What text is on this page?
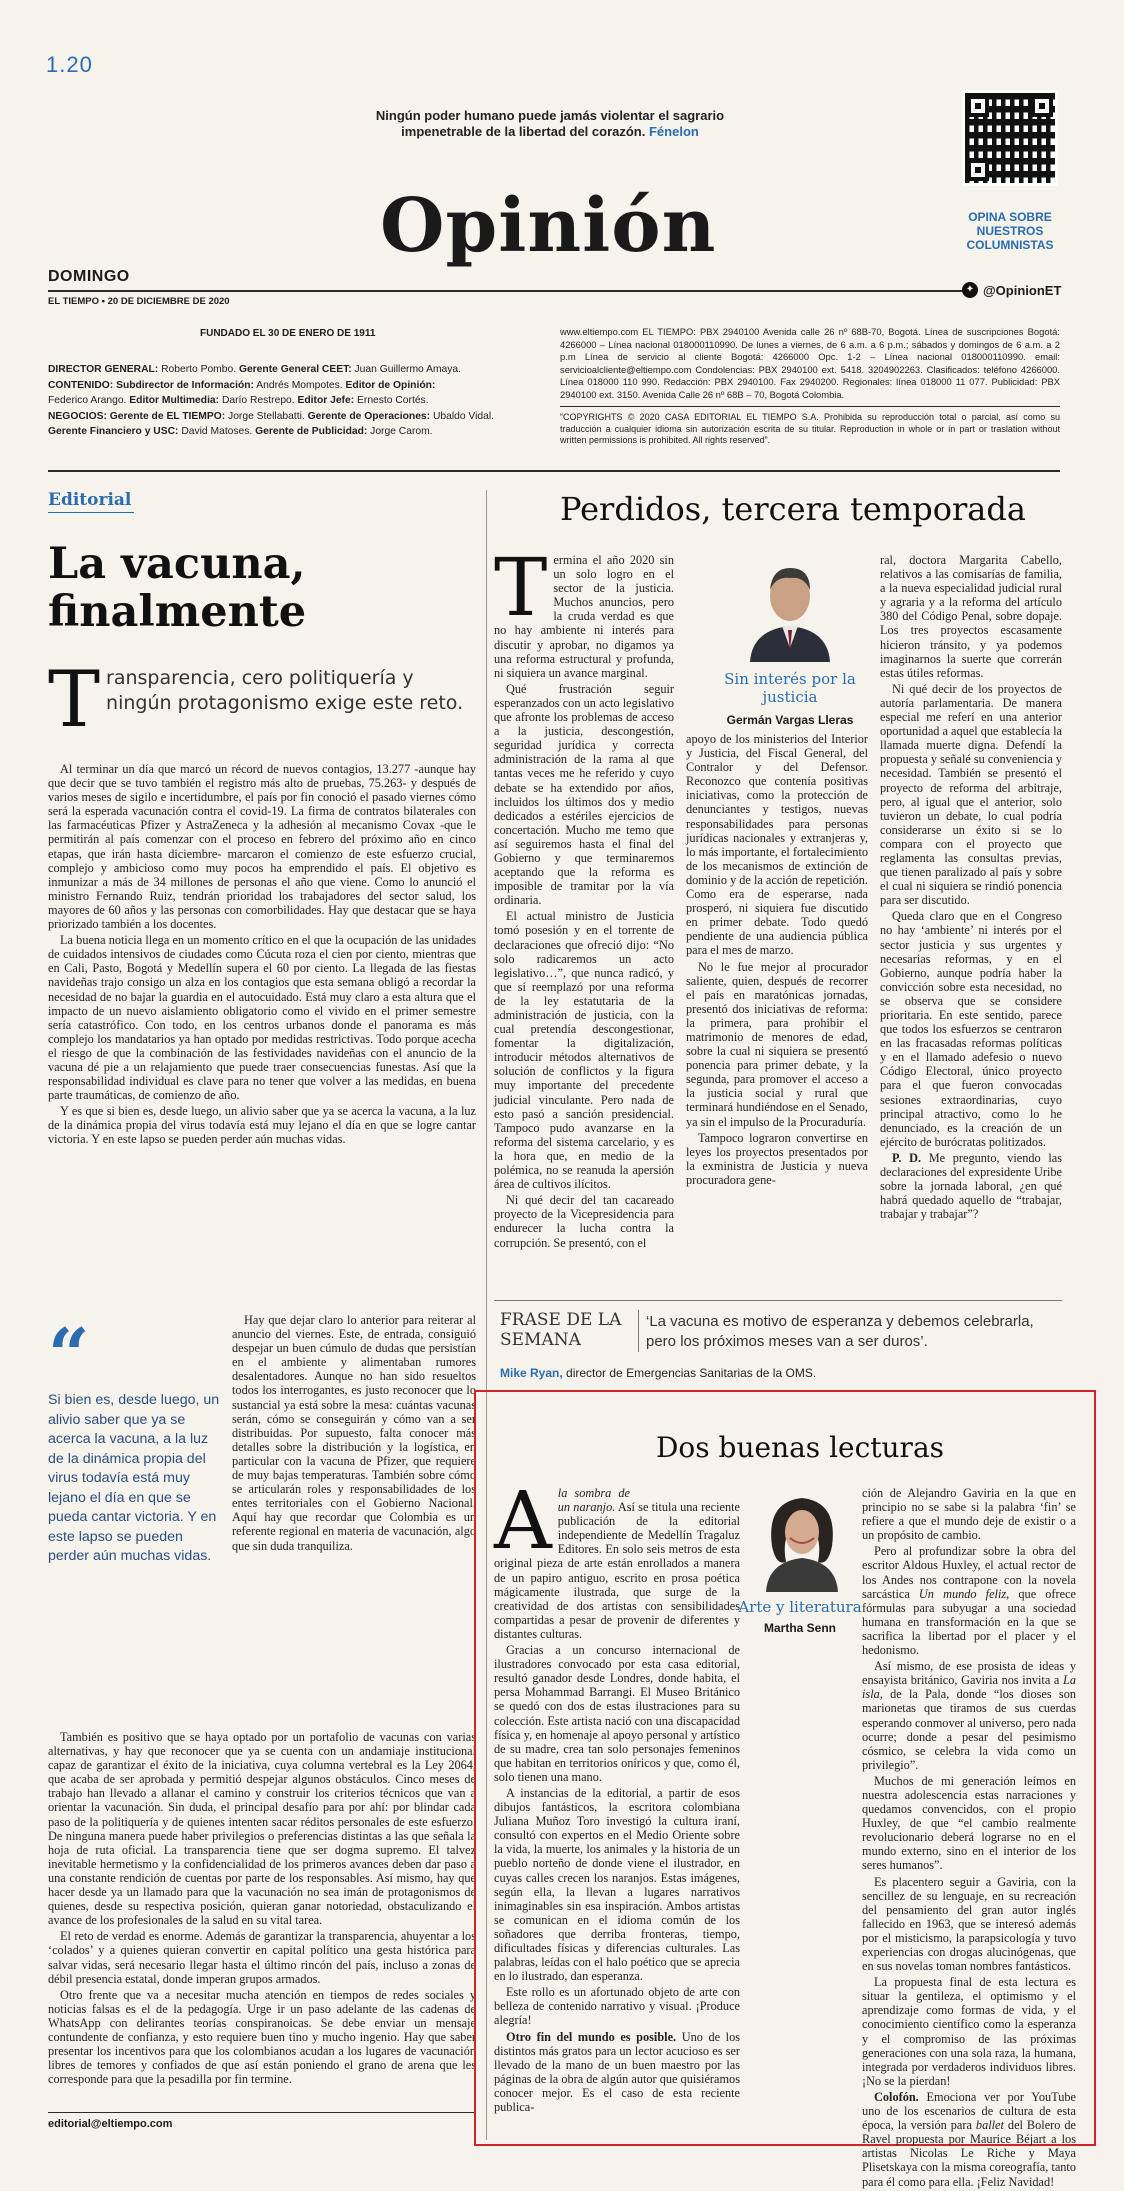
1.20
Ningún poder humano puede jamás violentar el sagrario
impenetrable de la libertad del corazón. Fénelon
Opinión	OPINA SOBRE
NUESTROS
COLUMNISTAS
DOMINGO
EL TIEMPO • 20 DE DICIEMBRE DE 2020
✦ @OpinionET
FUNDADO EL 30 DE ENERO DE 1911
DIRECTOR GENERAL: Roberto Pombo. Gerente General CEET: Juan Guillermo Amaya.
CONTENIDO: Subdirector de Información: Andrés Mompotes. Editor de Opinión:
Federico Arango. Editor Multimedia: Darío Restrepo. Editor Jefe: Ernesto Cortés.
NEGOCIOS: Gerente de EL TIEMPO: Jorge Stellabatti. Gerente de Operaciones: Ubaldo Vidal.
Gerente Financiero y USC: David Matoses. Gerente de Publicidad: Jorge Carom.
www.eltiempo.com EL TIEMPO: PBX 2940100 Avenida calle 26 nº 68B-70, Bogotá. Línea de suscripciones Bogotá: 4266000 – Línea nacional 018000110990. De lunes a viernes, de 6 a.m. a 6 p.m.; sábados y domingos de 6 a.m. a 2 p.m Línea de servicio al cliente Bogotá: 4266000 Opc. 1-2 – Línea nacional 018000110990. email: servicioalcliente@eltiempo.com Condolencias: PBX 2940100 ext. 5418. 3204902263. Clasificados: teléfono 4266000. Línea 018000 110 990. Redacción: PBX 2940100. Fax 2940200. Regionales: línea 018000 11 077. Publicidad: PBX 2940100 ext. 3150. Avenida Calle 26 nº 68B – 70, Bogotá Colombia.
“COPYRIGHTS © 2020 CASA EDITORIAL EL TIEMPO S.A. Prohibida su reproducción total o parcial, así como su traducción a cualquier idioma sin autorización escrita de su titular. Reproduction in whole or in part or traslation without written permissions is prohibited. All rights reserved”.
Editorial
La vacuna,
finalmente
T ransparencia, cero politiquería y ningún protagonismo exige este reto.

Al terminar un día que marcó un récord de nuevos contagios, 13.277 -aunque hay que decir que se tuvo también el registro más alto de pruebas, 75.263- y después de varios meses de sigilo e incertidumbre, el país por fin conoció el pasado viernes cómo será la esperada vacunación contra el covid-19. La firma de contratos bilaterales con las farmacéuticas Pfizer y AstraZeneca y la adhesión al mecanismo Covax -que le permitirán al país comenzar con el proceso en febrero del próximo año en cinco etapas, que irán hasta diciembre- marcaron el comienzo de este esfuerzo crucial, complejo y ambicioso como muy pocos ha emprendido el país. El objetivo es inmunizar a más de 34 millones de personas el año que viene. Como lo anunció el ministro Fernando Ruiz, tendrán prioridad los trabajadores del sector salud, los mayores de 60 años y las personas con comorbilidades. Hay que destacar que se haya priorizado también a los docentes.

La buena noticia llega en un momento crítico en el que la ocupación de las unidades de cuidados intensivos de ciudades como Cúcuta roza el cien por ciento, mientras que en Cali, Pasto, Bogotá y Medellín supera el 60 por ciento. La llegada de las fiestas navideñas trajo consigo un alza en los contagios que esta semana obligó a recordar la necesidad de no bajar la guardia en el autocuidado. Está muy claro a esta altura que el impacto de un nuevo aislamiento obligatorio como el vivido en el primer semestre sería catastrófico. Con todo, en los centros urbanos donde el panorama es más complejo los mandatarios ya han optado por medidas restrictivas. Todo porque acecha el riesgo de que la combinación de las festividades navideñas con el anuncio de la vacuna dé pie a un relajamiento que puede traer consecuencias funestas. Así que la responsabilidad individual es clave para no tener que volver a las medidas, en buena parte traumáticas, de comienzo de año.

Y es que si bien es, desde luego, un alivio saber que ya se acerca la vacuna, a la luz de la dinámica propia del virus todavía está muy lejano el día en que se logre cantar victoria. Y en este lapso se pueden perder aún muchas vidas.

“
Si bien es, desde luego, un alivio saber que ya se acerca la vacuna, a la luz de la dinámica propia del virus todavía está muy lejano el día en que se pueda cantar victoria. Y en este lapso se pueden perder aún muchas vidas.

Hay que dejar claro lo anterior para reiterar al anuncio del viernes. Este, de entrada, consiguió despejar un buen cúmulo de dudas que persistían en el ambiente y alimentaban rumores desalentadores. Aunque no han sido resueltos todos los interrogantes, es justo reconocer que lo sustancial ya está sobre la mesa: cuántas vacunas serán, cómo se conseguirán y cómo van a ser distribuidas. Por supuesto, falta conocer más detalles sobre la distribución y la logística, en particular con la vacuna de Pfizer, que requiere de muy bajas temperaturas. También sobre cómo se articularán roles y responsabilidades de los entes territoriales con el Gobierno Nacional. Aquí hay que recordar que Colombia es un referente regional en materia de vacunación, algo que sin duda tranquiliza.

También es positivo que se haya optado por un portafolio de vacunas con varias alternativas, y hay que reconocer que ya se cuenta con un andamiaje institucional capaz de garantizar el éxito de la iniciativa, cuya columna vertebral es la Ley 2064, que acaba de ser aprobada y permitió despejar algunos obstáculos. Cinco meses de trabajo han llevado a allanar el camino y construir los criterios técnicos que van a orientar la vacunación. Sin duda, el principal desafío para por ahí: por blindar cada paso de la politiquería y de quienes intenten sacar réditos personales de este esfuerzo. De ninguna manera puede haber privilegios o preferencias distintas a las que señala la hoja de ruta oficial. La transparencia tiene que ser dogma supremo. El talvez inevitable hermetismo y la confidencialidad de los primeros avances deben dar paso a una constante rendición de cuentas por parte de los responsables. Así mismo, hay que hacer desde ya un llamado para que la vacunación no sea imán de protagonismos de quienes, desde su respectiva posición, quieran ganar notoriedad, obstaculizando el avance de los profesionales de la salud en su vital tarea.

El reto de verdad es enorme. Además de garantizar la transparencia, ahuyentar a los ‘colados’ y a quienes quieran convertir en capital político una gesta histórica para salvar vidas, será necesario llegar hasta el último rincón del país, incluso a zonas de débil presencia estatal, donde imperan grupos armados.

Otro frente que va a necesitar mucha atención en tiempos de redes sociales y noticias falsas es el de la pedagogía. Urge ir un paso adelante de las cadenas de WhatsApp con delirantes teorías conspiranoicas. Se debe enviar un mensaje contundente de confianza, y esto requiere buen tino y mucho ingenio. Hay que saber presentar los incentivos para que los colombianos acudan a los lugares de vacunación libres de temores y confiados de que así están poniendo el grano de arena que les corresponde para que la pesadilla por fin termine.

editorial@eltiempo.com
Perdidos, tercera temporada
T ermina el año 2020 sin un solo logro en el sector de la justicia. Muchos anuncios, pero la cruda verdad es que no hay ambiente ni interés para discutir y aprobar, no digamos ya una reforma estructural y profunda, ni siquiera un avance marginal.

Qué frustración seguir esperanzados con un acto legislativo que afronte los problemas de acceso a la justicia, descongestión, seguridad jurídica y correcta administración de la rama al que tantas veces me he referido y cuyo debate se ha extendido por años, incluidos los últimos dos y medio dedicados a estériles ejercicios de concertación. Mucho me temo que así seguiremos hasta el final del Gobierno y que terminaremos aceptando que la reforma es imposible de tramitar por la vía ordinaria.

El actual ministro de Justicia tomó posesión y en el torrente de declaraciones que ofreció dijo: “No solo radicaremos un acto legislativo…”, que nunca radicó, y que sí reemplazó por una reforma de la ley estatutaria de la administración de justicia, con la cual pretendía descongestionar, fomentar la digitalización, introducir métodos alternativos de solución de conflictos y la figura muy importante del precedente judicial vinculante. Pero nada de esto pasó a sanción presidencial. Tampoco pudo avanzarse en la reforma del sistema carcelario, y es la hora que, en medio de la polémica, no se reanuda la apersión área de cultivos ilícitos.

Ni qué decir del tan cacareado proyecto de la Vicepresidencia para endurecer la lucha contra la corrupción. Se presentó, con el

Sin interés por la
justicia
Germán Vargas Lleras

apoyo de los ministerios del Interior y Justicia, del Fiscal General, del Contralor y del Defensor. Reconozco que contenía positivas iniciativas, como la protección de denunciantes y testigos, nuevas responsabilidades para personas jurídicas nacionales y extranjeras y, lo más importante, el fortalecimiento de los mecanismos de extinción de dominio y de la acción de repetición. Como era de esperarse, nada prosperó, ni siquiera fue discutido en primer debate. Todo quedó pendiente de una audiencia pública para el mes de marzo.

No le fue mejor al procurador saliente, quien, después de recorrer el país en maratónicas jornadas, presentó dos iniciativas de reforma: la primera, para prohibir el matrimonio de menores de edad, sobre la cual ni siquiera se presentó ponencia para primer debate, y la segunda, para promover el acceso a la justicia social y rural que terminará hundiéndose en el Senado, ya sin el impulso de la Procuraduría.

Tampoco lograron convertirse en leyes los proyectos presentados por la exministra de Justicia y nueva procuradora gene-

ral, doctora Margarita Cabello, relativos a las comisarías de familia, a la nueva especialidad judicial rural y agraria y a la reforma del artículo 380 del Código Penal, sobre dopaje. Los tres proyectos escasamente hicieron tránsito, y ya podemos imaginarnos la suerte que correrán estas útiles reformas.

Ni qué decir de los proyectos de autoría parlamentaria. De manera especial me referí en una anterior oportunidad a aquel que establecía la llamada muerte digna. Defendí la propuesta y señalé su conveniencia y necesidad. También se presentó el proyecto de reforma del arbitraje, pero, al igual que el anterior, solo tuvieron un debate, lo cual podría considerarse un éxito si se lo compara con el proyecto que reglamenta las consultas previas, que tienen paralizado al país y sobre el cual ni siquiera se rindió ponencia para ser discutido.

Queda claro que en el Congreso no hay ‘ambiente’ ni interés por el sector justicia y sus urgentes y necesarias reformas, y en el Gobierno, aunque podría haber la convicción sobre esta necesidad, no se observa que se considere prioritaria. En este sentido, parece que todos los esfuerzos se centraron en las fracasadas reformas políticas y en el llamado adefesio o nuevo Código Electoral, único proyecto para el que fueron convocadas sesiones extraordinarias, cuyo principal atractivo, como lo he denunciado, es la creación de un ejército de burócratas politizados.

P. D. Me pregunto, viendo las declaraciones del expresidente Uribe sobre la jornada laboral, ¿en qué habrá quedado aquello de “trabajar, trabajar y trabajar”?

FRASE DE LA
SEMANA
‘La vacuna es motivo de esperanza y debemos celebrarla, pero los próximos meses van a ser duros’.
Mike Ryan, director de Emergencias Sanitarias de la OMS.
Dos buenas lecturas
A la sombra de un naranjo. Así se titula una reciente publicación de la editorial independiente de Medellín Tragaluz Editores. En solo seis metros de esta original pieza de arte están enrollados a manera de un papiro antiguo, escrito en prosa poética mágicamente ilustrada, que surge de la creatividad de dos artistas con sensibilidades compartidas a pesar de provenir de diferentes y distantes culturas.

Gracias a un concurso internacional de ilustradores convocado por esta casa editorial, resultó ganador desde Londres, donde habita, el persa Mohammad Barrangi. El Museo Británico se quedó con dos de estas ilustraciones para su colección. Este artista nació con una discapacidad física y, en homenaje al apoyo personal y artístico de su madre, crea tan solo personajes femeninos que habitan en territorios oníricos y que, como él, solo tienen una mano.

A instancias de la editorial, a partir de esos dibujos fantásticos, la escritora colombiana Juliana Muñoz Toro investigó la cultura iraní, consultó con expertos en el Medio Oriente sobre la vida, la muerte, los animales y la historia de un pueblo norteño de donde viene el ilustrador, en cuyas calles crecen los naranjos. Estas imágenes, según ella, la llevan a lugares narrativos inimaginables sin esa inspiración. Ambos artistas se comunican en el idioma común de los soñadores que derriba fronteras, tiempo, dificultades físicas y diferencias culturales. Las palabras, leídas con el halo poético que se aprecia en lo ilustrado, dan esperanza.

Este rollo es un afortunado objeto de arte con belleza de contenido narrativo y visual. ¡Produce alegría!

Otro fin del mundo es posible. Uno de los distintos más gratos para un lector acucioso es ser llevado de la mano de un buen maestro por las páginas de la obra de algún autor que quisiéramos conocer mejor. Es el caso de esta reciente publica-

Arte y literatura
Martha Senn

ción de Alejandro Gaviria en la que en principio no se sabe si la palabra ‘fin’ se refiere a que el mundo deje de existir o a un propósito de cambio.

Pero al profundizar sobre la obra del escritor Aldous Huxley, el actual rector de los Andes nos contrapone con la novela sarcástica Un mundo feliz, que ofrece fórmulas para subyugar a una sociedad humana en transformación en la que se sacrifica la libertad por el placer y el hedonismo.

Así mismo, de ese prosista de ideas y ensayista británico, Gaviria nos invita a La isla, de la Pala, donde “los dioses son marionetas que tiramos de sus cuerdas esperando conmover al universo, pero nada ocurre; donde a pesar del pesimismo cósmico, se celebra la vida como un privilegio”.

Muchos de mi generación leímos en nuestra adolescencia estas narraciones y quedamos convencidos, con el propio Huxley, de que “el cambio realmente revolucionario deberá lograrse no en el mundo externo, sino en el interior de los seres humanos”.

Es placentero seguir a Gaviria, con la sencillez de su lenguaje, en su recreación del pensamiento del gran autor inglés fallecido en 1963, que se interesó además por el misticismo, la parapsicología y tuvo experiencias con drogas alucinógenas, que en sus novelas toman nombres fantásticos.

La propuesta final de esta lectura es situar la gentileza, el optimismo y el aprendizaje como formas de vida, y el conocimiento científico como la esperanza y el compromiso de las próximas generaciones con una sola raza, la humana, integrada por verdaderos individuos libres. ¡No se la pierdan!

Colofón. Emociona ver por YouTube uno de los escenarios de cultura de esta época, la versión para ballet del Bolero de Ravel propuesta por Maurice Béjart a los artistas Nicolas Le Riche y Maya Plisetskaya con la misma coreografía, tanto para él como para ella. ¡Feliz Navidad!
